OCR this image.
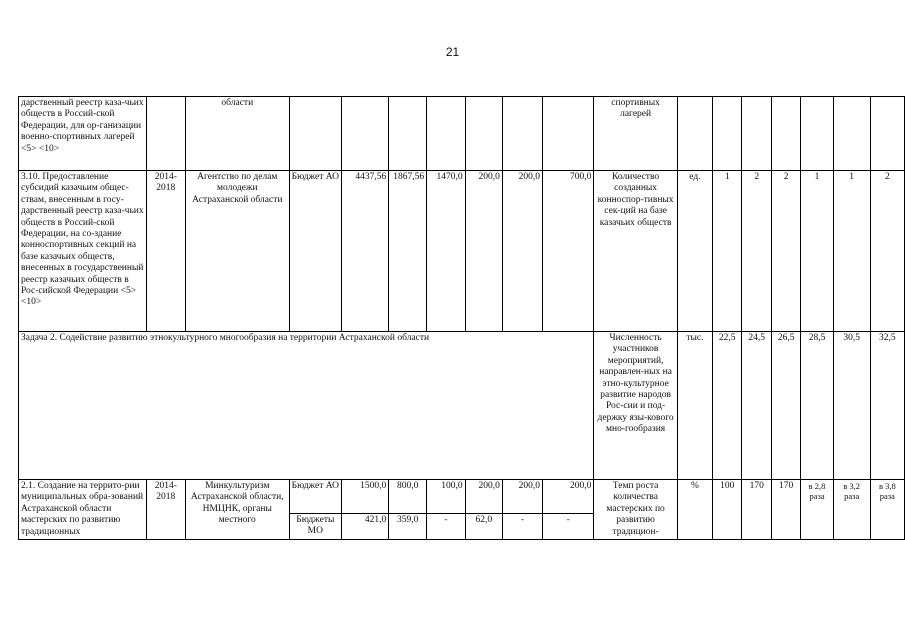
21
дарственный реестр каза-чьих обществ в Россий-ской Федерации, для ор-ганизации военно-спортивных лагерей <5> <10>		области								спортивных лагерей							
3.10. Предоставление субсидий казачьим общес-ствам, внесенным в госу-дарственный реестр каза-чьих обществ в Россий-ской Федерации, на со-здание конноспортивных секций на базе казачьих обществ, внесенных в государственный реестр казачьих обществ в Рос-сийской Федерации <5> <10>	2014-2018	Агентство по делам молодежи Астраханской области	Бюджет АО	4437,56	1867,56	1470,0	200,0	200,0	700,0	Количество созданных конноспор-тивных сек-ций на базе казачьих обществ	ед.	1	2	2	1	1	2
Задача 2. Содействие развитию этнокультурного многообразия на территории Астраханской области										Численность участников мероприятий, направлен-ных на этно-культурное развитие народов Рос-сии и под-держку язы-кового мно-гообразия	тыс.	22,5	24,5	26,5	28,5	30,5	32,5
2.1. Создание на террито-рии муниципальных обра-зований Астраханской области мастерских по развитию традиционных	2014-2018	Минкультуризм Астраханской области, НМЦНК, органы местного	Бюджет АО	1500,0	800,0	100,0	200,0	200,0	200,0	Темп роста количества мастерских по развитию традицион-	%	100	170	170	в 2,8 раза	в 3,2 раза	в 3,8 раза
			Бюджеты МО	421,0	359,0	-	62,0	-	-								
